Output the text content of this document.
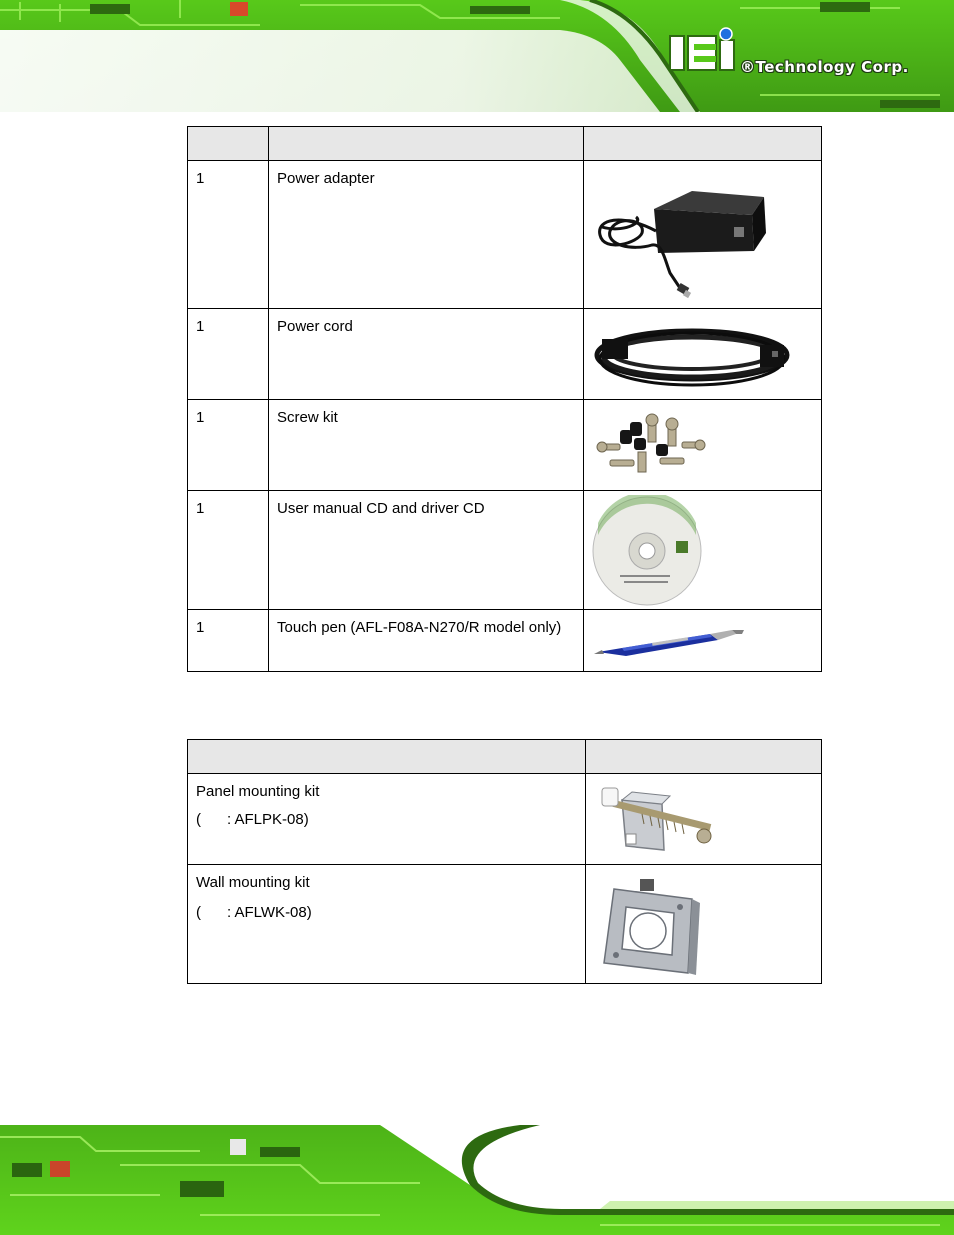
®Technology Corp.

1	Power adapter

1	Power cord

1	Screw kit

1	User manual CD and driver CD

1	Touch pen (AFL-F08A-N270/R model only)

Panel mounting kit
( : AFLPK-08)

Wall mounting kit
( : AFLWK-08)
